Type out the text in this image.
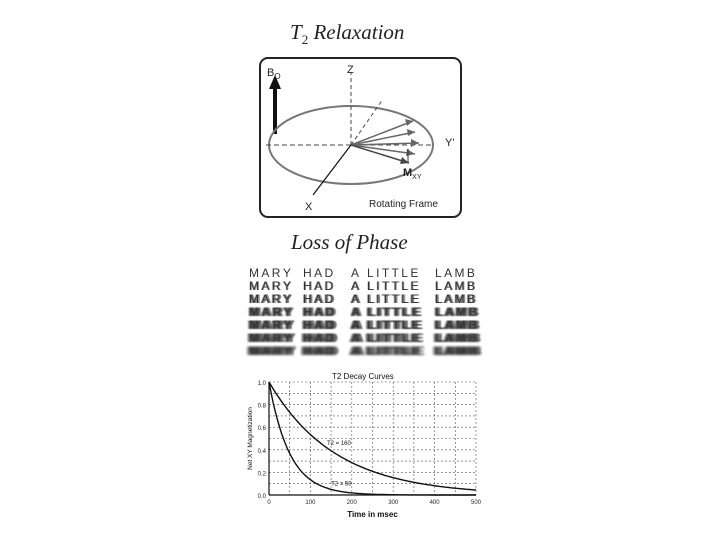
$T_2$ Relaxation
$B_O$
Z
Y'
$M_{XY}$
X	Rotating Frame
Loss of Phase
M A R Y H A D A L I T T L E L A M B
M A R Y H A D A L I T T L E L A M B
M A R Y H A D A L I T T L E L A M B
M A R Y H A D A L I T T L E L A M B
M A R Y H A D A L I T T L E L A M B
M A R Y H A D A L I T T L E L A M B
M A R Y H A D A L I T T L E L A M B
0.0
0.2
0.4
0.6
0.8
1.0
0	100	200	300	400	500
T2 Decay Curves
Time in msec
Net XY Magnetization	T2 = 160
T2 = 50
